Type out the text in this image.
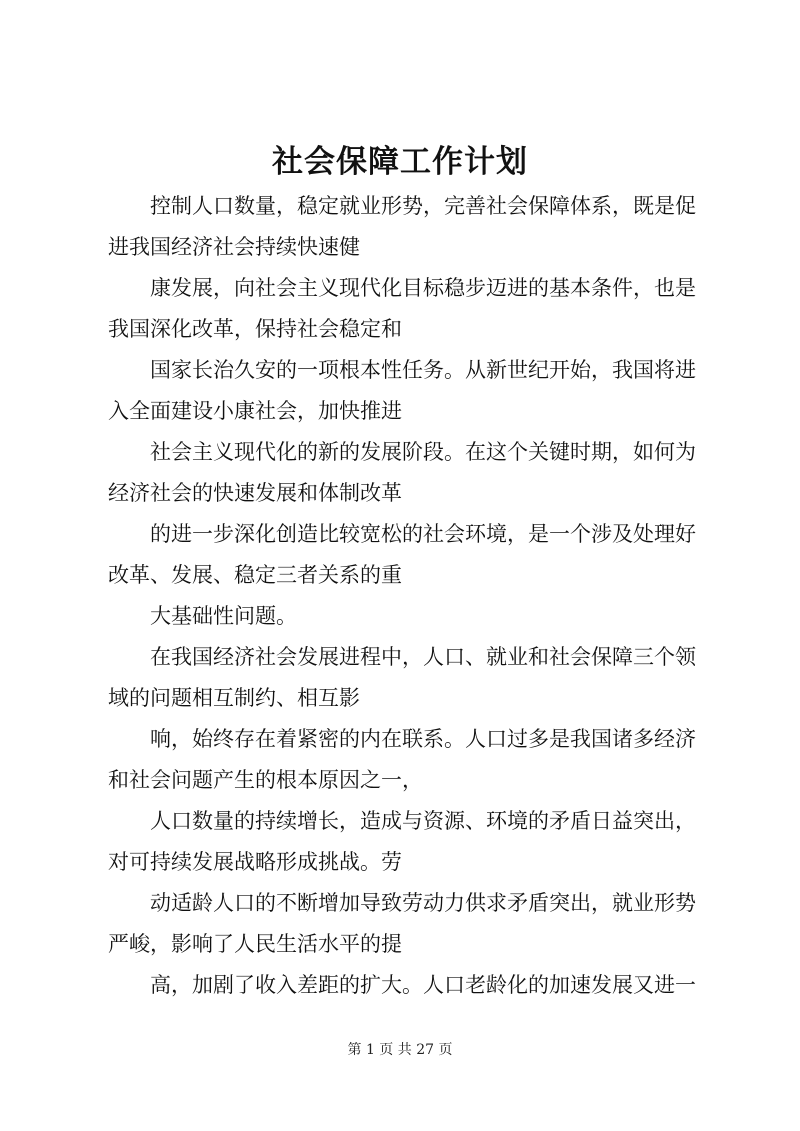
社会保障工作计划

控制人口数量，稳定就业形势，完善社会保障体系，既是促
进我国经济社会持续快速健

康发展，向社会主义现代化目标稳步迈进的基本条件，也是
我国深化改革，保持社会稳定和

国家长治久安的一项根本性任务。从新世纪开始，我国将进
入全面建设小康社会，加快推进

社会主义现代化的新的发展阶段。在这个关键时期，如何为
经济社会的快速发展和体制改革

的进一步深化创造比较宽松的社会环境，是一个涉及处理好
改革、发展、稳定三者关系的重

大基础性问题。

在我国经济社会发展进程中，人口、就业和社会保障三个领
域的问题相互制约、相互影

响，始终存在着紧密的内在联系。人口过多是我国诸多经济
和社会问题产生的根本原因之一，

人口数量的持续增长，造成与资源、环境的矛盾日益突出，
对可持续发展战略形成挑战。劳

动适龄人口的不断增加导致劳动力供求矛盾突出，就业形势
严峻，影响了人民生活水平的提

高，加剧了收入差距的扩大。人口老龄化的加速发展又进一

第 1 页 共 27 页
